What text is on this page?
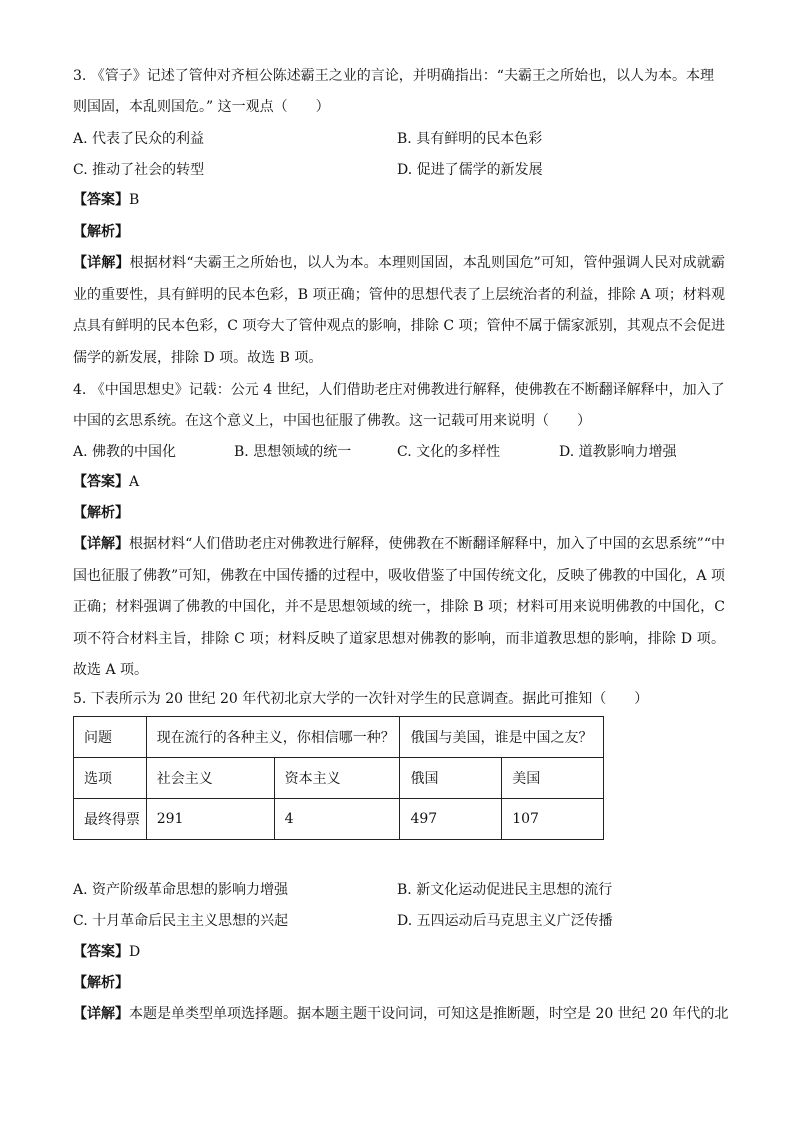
3. 《管子》记述了管仲对齐桓公陈述霸王之业的言论，并明确指出：“夫霸王之所始也，以人为本。本理
则国固，本乱则国危。” 这一观点（　　）
A. 代表了民众的利益	B. 具有鲜明的民本色彩
C. 推动了社会的转型	D. 促进了儒学的新发展
【答案】B
【解析】
【详解】根据材料“夫霸王之所始也，以人为本。本理则国固，本乱则国危”可知，管仲强调人民对成就霸业的重要性，具有鲜明的民本色彩，B 项正确；管仲的思想代表了上层统治者的利益，排除 A 项；材料观点具有鲜明的民本色彩，C 项夸大了管仲观点的影响，排除 C 项；管仲不属于儒家派别，其观点不会促进儒学的新发展，排除 D 项。故选 B 项。
4. 《中国思想史》记载：公元 4 世纪，人们借助老庄对佛教进行解释，使佛教在不断翻译解释中，加入了
中国的玄思系统。在这个意义上，中国也征服了佛教。这一记载可用来说明（　　）
A. 佛教的中国化	B. 思想领域的统一	C. 文化的多样性	D. 道教影响力增强
【答案】A
【解析】
【详解】根据材料“人们借助老庄对佛教进行解释，使佛教在不断翻译解释中，加入了中国的玄思系统”“中国也征服了佛教”可知，佛教在中国传播的过程中，吸收借鉴了中国传统文化，反映了佛教的中国化，A 项正确；材料强调了佛教的中国化，并不是思想领域的统一，排除 B 项；材料可用来说明佛教的中国化，C 项不符合材料主旨，排除 C 项；材料反映了道家思想对佛教的影响，而非道教思想的影响，排除 D 项。故选 A 项。
5. 下表所示为 20 世纪 20 年代初北京大学的一次针对学生的民意调查。据此可推知（　　）
问题	现在流行的各种主义，你相信哪一种？		俄国与美国，谁是中国之友？	
选项	社会主义	资本主义	俄国	美国
最终得票	291	4	497	107
A. 资产阶级革命思想的影响力增强	B. 新文化运动促进民主思想的流行
C. 十月革命后民主主义思想的兴起	D. 五四运动后马克思主义广泛传播
【答案】D
【解析】
【详解】本题是单类型单项选择题。据本题主题干设问词，可知这是推断题，时空是 20 世纪 20 年代的北
